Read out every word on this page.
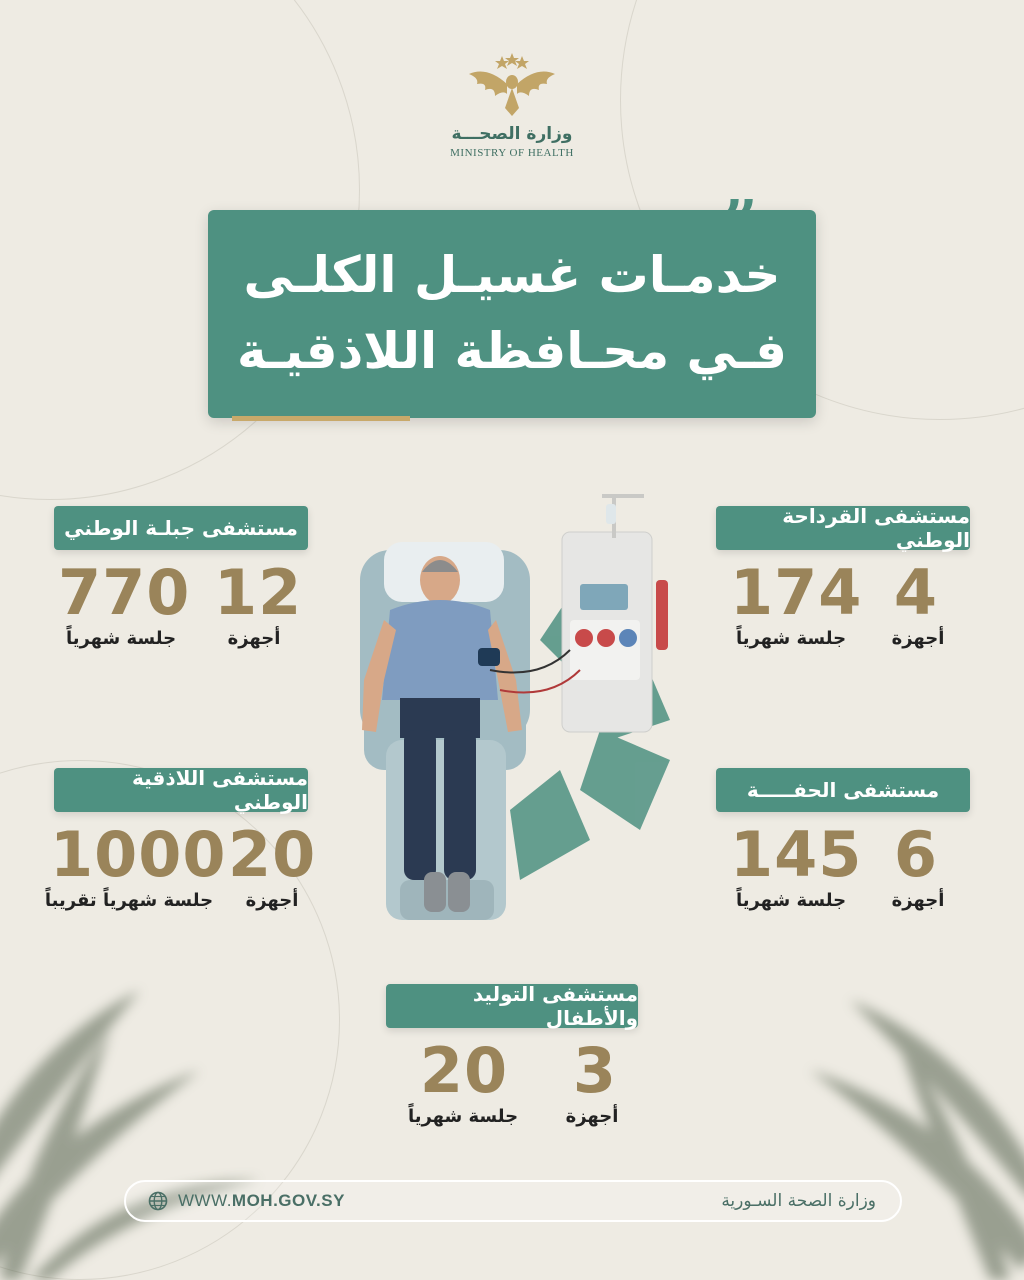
وزارة الصحـــة
MINISTRY OF HEALTH
خدمـات غسيـل الكلـى
فـي محـافظة اللاذقيـة
مستشفى القرداحة الوطني
4
174
أجهزة
جلسة شهرياً
مستشفى جبلـة الوطني
12
770
أجهزة
جلسة شهرياً
مستشفى الحفـــــة
6
145
أجهزة
جلسة شهرياً
مستشفى اللاذقية الوطني
20
1000
أجهزة
جلسة شهرياً تقريباً
مستشفى التوليد والأطفال
3
20
أجهزة
جلسة شهرياً
WWW.MOH.GOV.SY	وزارة الصحة السـورية
